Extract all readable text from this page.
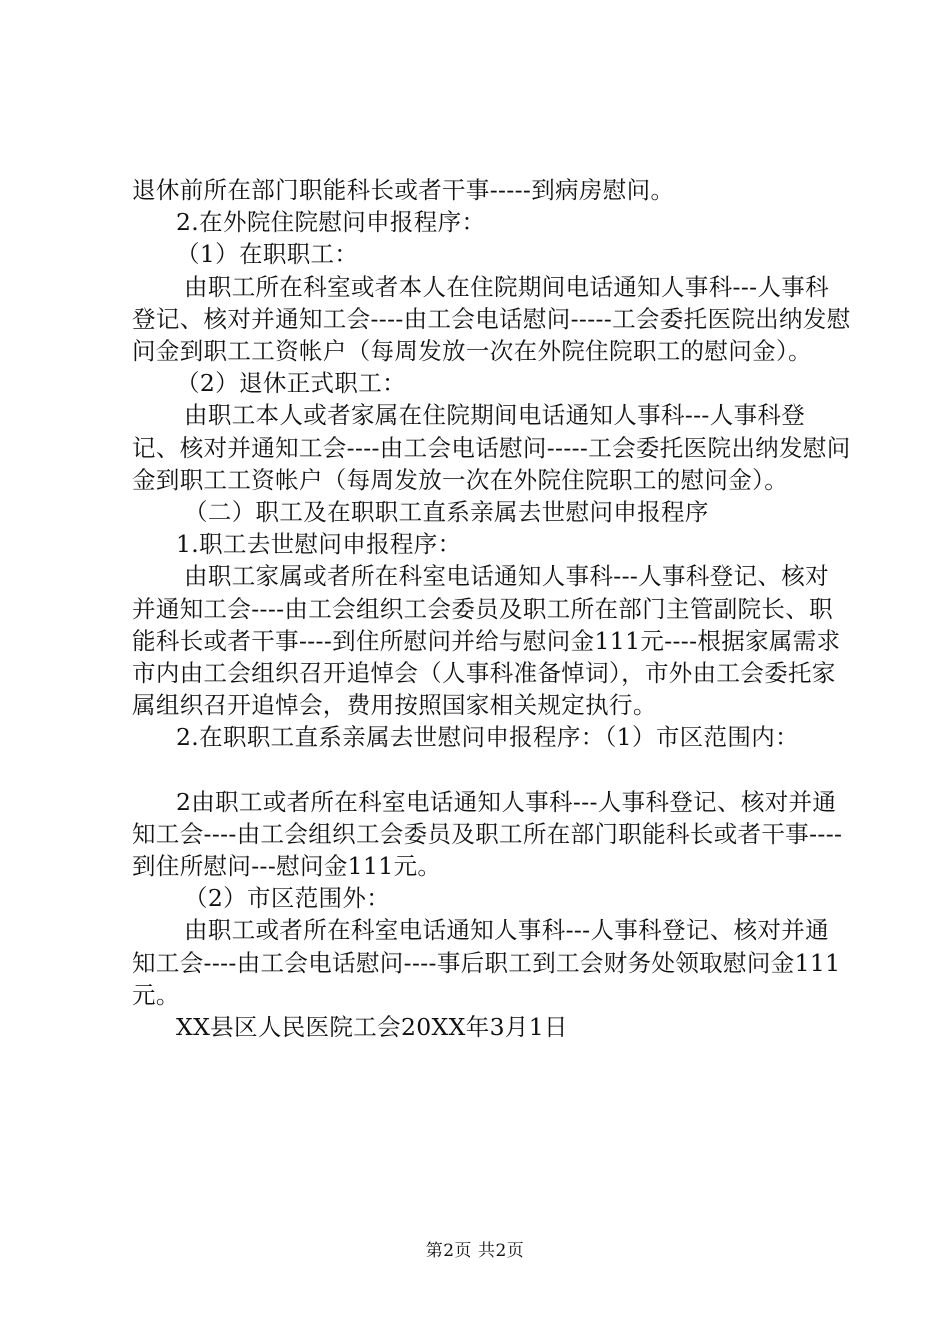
退休前所在部门职能科长或者干事-----到病房慰问。

2.在外院住院慰问申报程序：

（1）在职职工：

由职工所在科室或者本人在住院期间电话通知人事科---人事科登记、核对并通知工会----由工会电话慰问-----工会委托医院出纳发慰问金到职工工资帐户（每周发放一次在外院住院职工的慰问金）。

（2）退休正式职工：

由职工本人或者家属在住院期间电话通知人事科---人事科登记、核对并通知工会----由工会电话慰问-----工会委托医院出纳发慰问金到职工工资帐户（每周发放一次在外院住院职工的慰问金）。

（二）职工及在职职工直系亲属去世慰问申报程序

1.职工去世慰问申报程序：

由职工家属或者所在科室电话通知人事科---人事科登记、核对并通知工会----由工会组织工会委员及职工所在部门主管副院长、职能科长或者干事----到住所慰问并给与慰问金111元----根据家属需求市内由工会组织召开追悼会（人事科准备悼词），市外由工会委托家属组织召开追悼会，费用按照国家相关规定执行。

2.在职职工直系亲属去世慰问申报程序：（1）市区范围内：

2由职工或者所在科室电话通知人事科---人事科登记、核对并通知工会----由工会组织工会委员及职工所在部门职能科长或者干事----到住所慰问---慰问金111元。

（2）市区范围外：

由职工或者所在科室电话通知人事科---人事科登记、核对并通知工会----由工会电话慰问----事后职工到工会财务处领取慰问金111元。

XX县区人民医院工会20XX年3月1日

第2页 共2页
